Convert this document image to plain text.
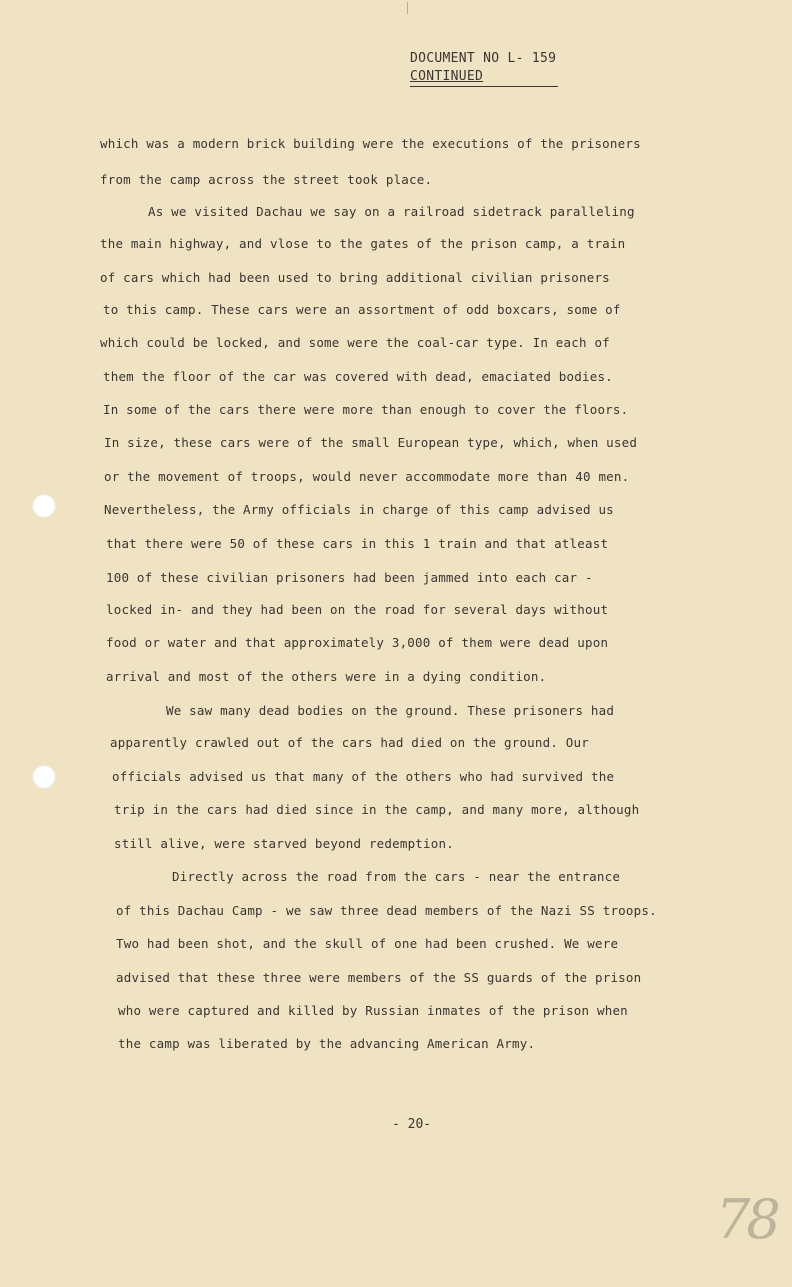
DOCUMENT NO L- 159
CONTINUED
which was a modern brick building were the executions of the prisoners
from the camp across the street took place.
As we visited Dachau we say on a railroad sidetrack paralleling
the main highway, and vlose to the gates of the prison camp, a train
of cars which had been used to bring additional civilian prisoners
to this camp. These cars were an assortment of odd boxcars, some of
which could be locked, and some were the coal-car type. In each of
them the floor of the car was covered with dead, emaciated bodies.
In some of the cars there were more than enough to cover the floors.
In size, these cars were of the small European type, which, when used
or the movement of troops, would never accommodate more than 40 men.
Nevertheless, the Army officials in charge of this camp advised us
that there were 50 of these cars in this 1 train and that atleast
100 of these civilian prisoners had been jammed into each car -
locked in- and they had been on the road for several days without
food or water and that approximately 3,000 of them were dead upon
arrival and most of the others were in a dying condition.
We saw many dead bodies on the ground. These prisoners had
apparently crawled out of the cars had died on the ground. Our
officials advised us that many of the others who had survived the
trip in the cars had died since in the camp, and many more, although
still alive, were starved beyond redemption.
Directly across the road from the cars - near the entrance
of this Dachau Camp - we saw three dead members of the Nazi SS troops.
Two had been shot, and the skull of one had been crushed. We were
advised that these three were members of the SS guards of the prison
who were captured and killed by Russian inmates of the prison when
the camp was liberated by the advancing American Army.
- 20-
78
